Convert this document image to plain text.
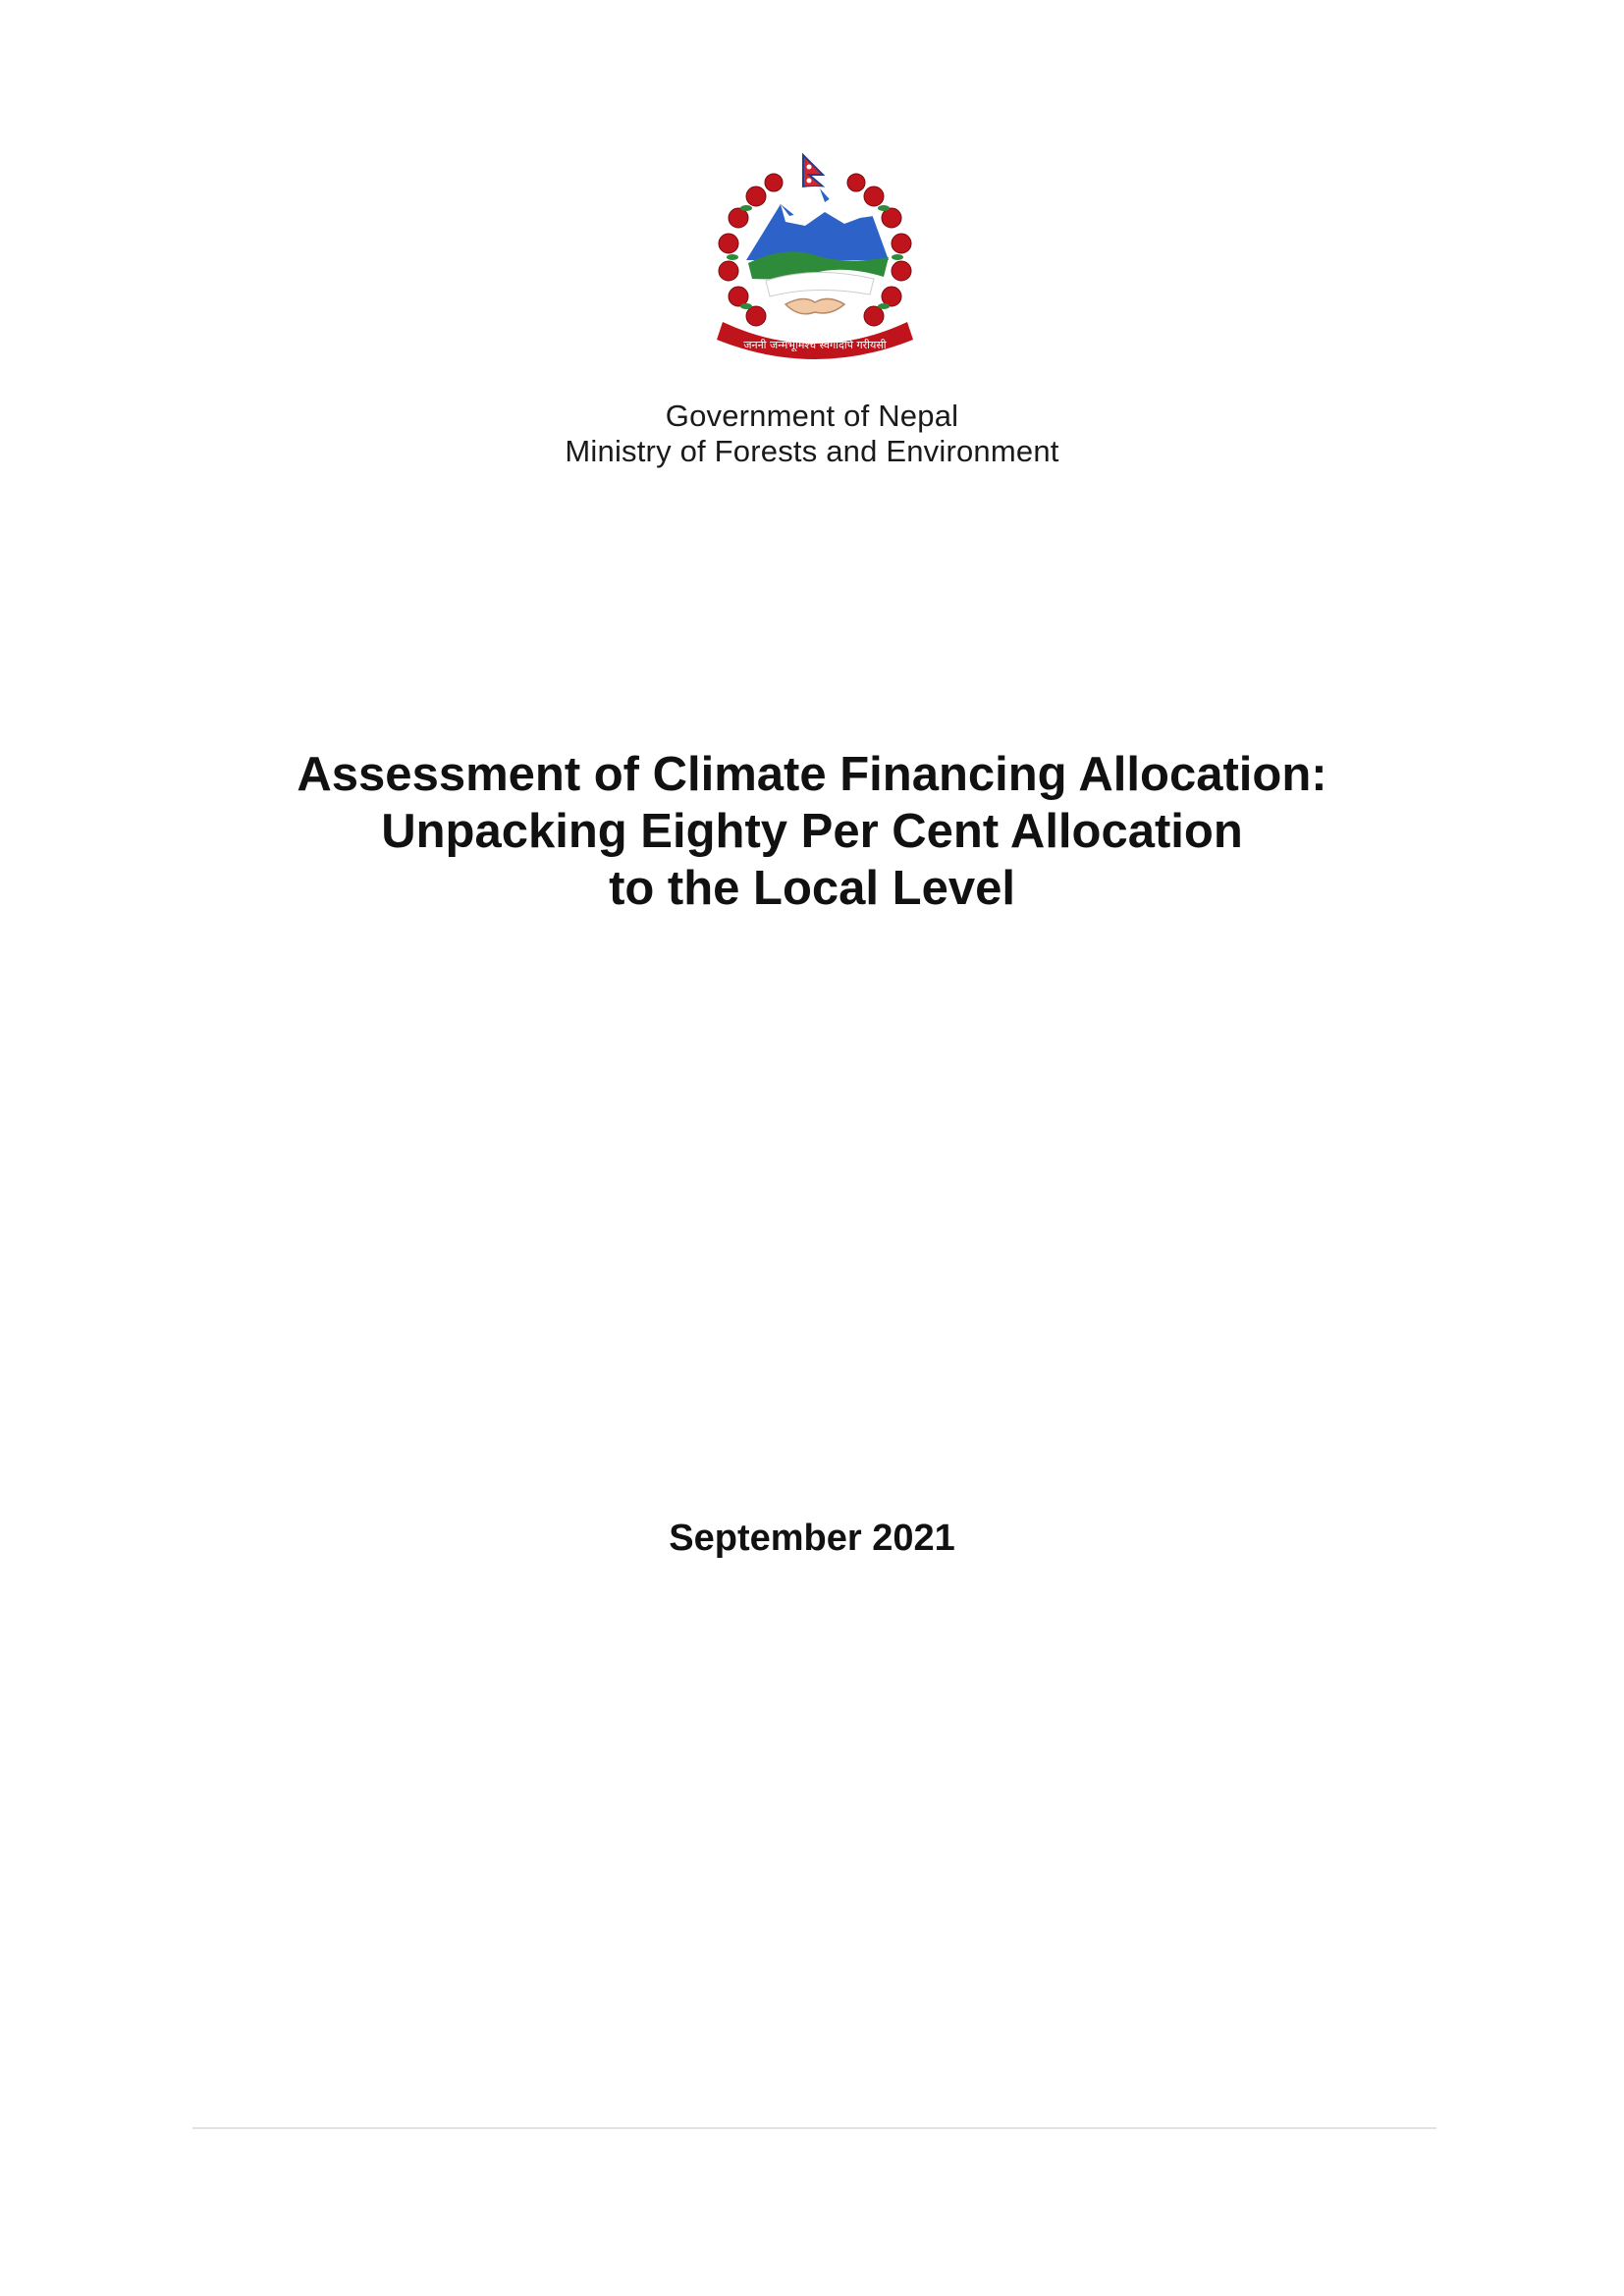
जननी जन्मभूमिश्च स्वर्गादपि गरीयसी
Government of Nepal
Ministry of Forests and Environment
Assessment of Climate Financing Allocation:
Unpacking Eighty Per Cent Allocation
to the Local Level
September 2021
